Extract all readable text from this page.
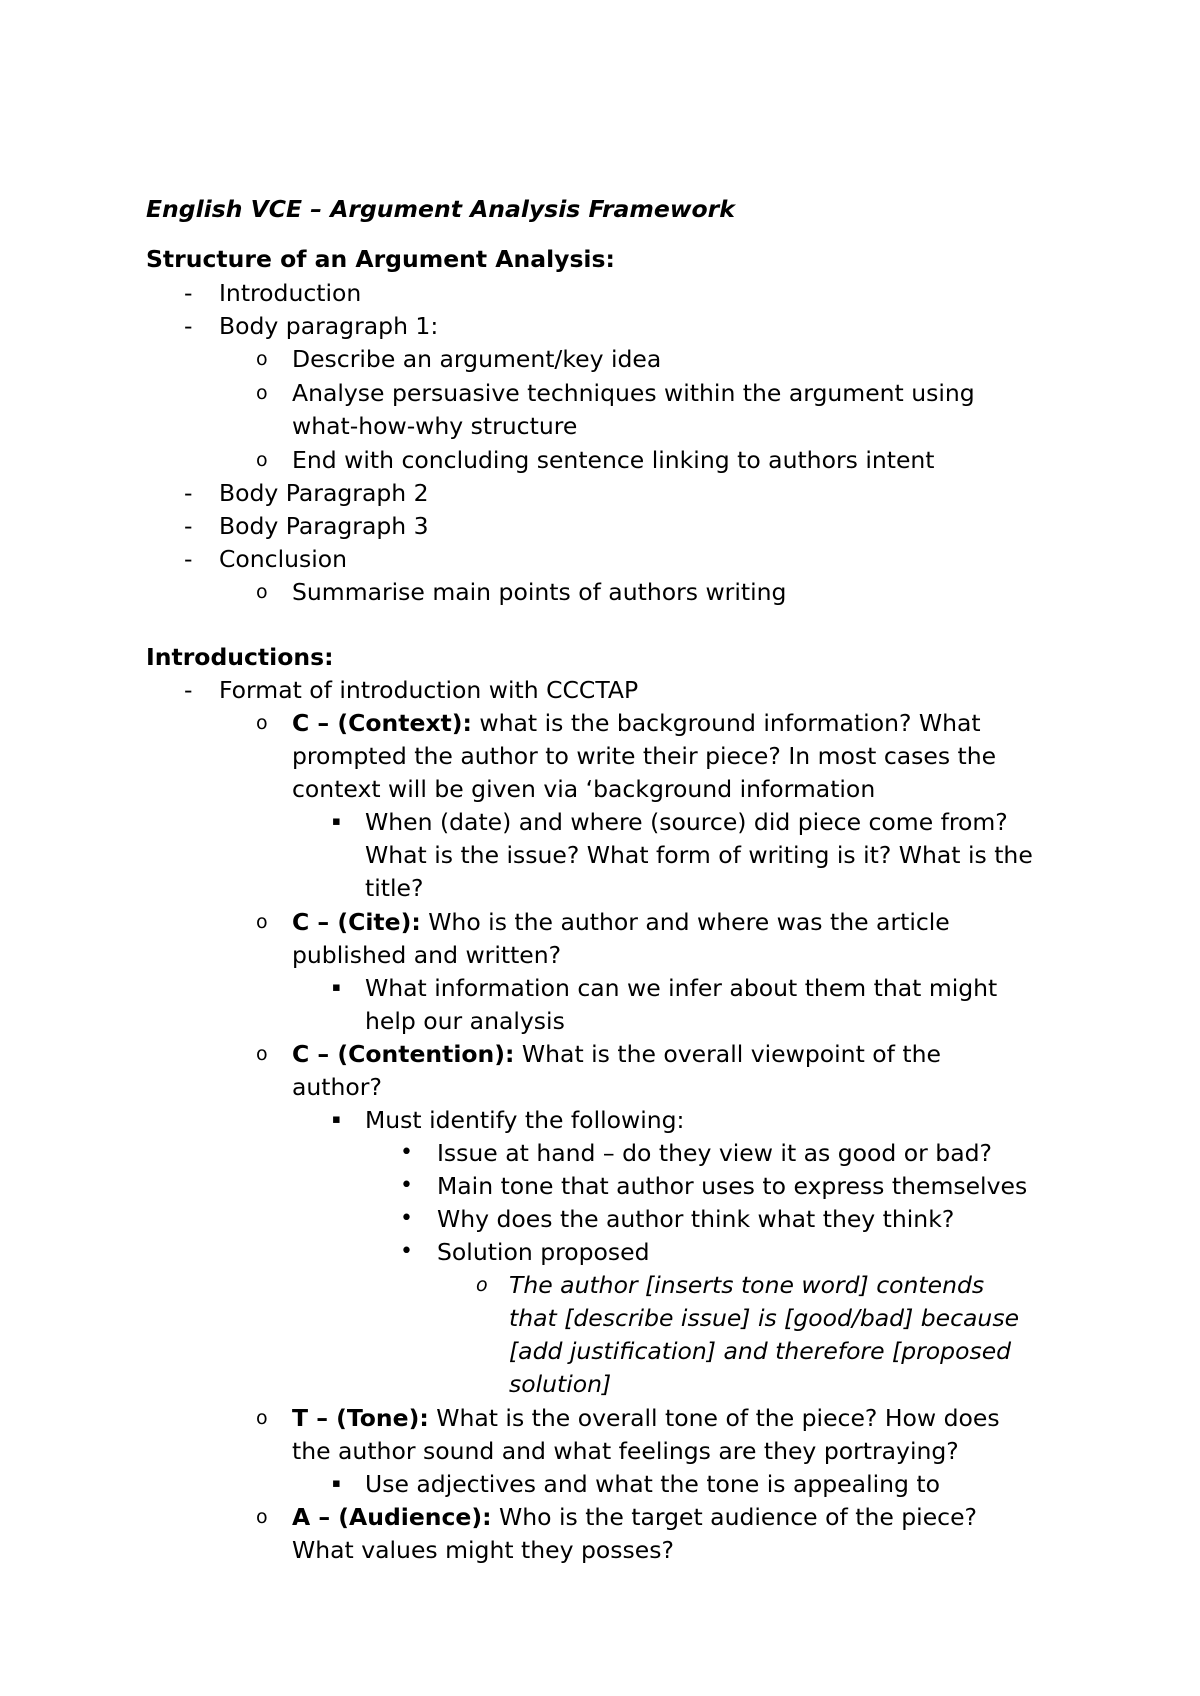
English VCE – Argument Analysis Framework
Structure of an Argument Analysis:
- Introduction
- Body paragraph 1:
o Describe an argument/key idea
o Analyse persuasive techniques within the argument using
what-how-why structure
o End with concluding sentence linking to authors intent
- Body Paragraph 2
- Body Paragraph 3
- Conclusion
o Summarise main points of authors writing
Introductions:
- Format of introduction with CCCTAP
o C – (Context): what is the background information? What
prompted the author to write their piece? In most cases the
context will be given via ‘background information
▪ When (date) and where (source) did piece come from?
What is the issue? What form of writing is it? What is the
title?
o C – (Cite): Who is the author and where was the article
published and written?
▪ What information can we infer about them that might
help our analysis
o C – (Contention): What is the overall viewpoint of the
author?
▪ Must identify the following:
• Issue at hand – do they view it as good or bad?
• Main tone that author uses to express themselves
• Why does the author think what they think?
• Solution proposed
o The author [inserts tone word] contends
that [describe issue] is [good/bad] because
[add justification] and therefore [proposed
solution]
o T – (Tone): What is the overall tone of the piece? How does
the author sound and what feelings are they portraying?
▪ Use adjectives and what the tone is appealing to
o A – (Audience): Who is the target audience of the piece?
What values might they posses?
